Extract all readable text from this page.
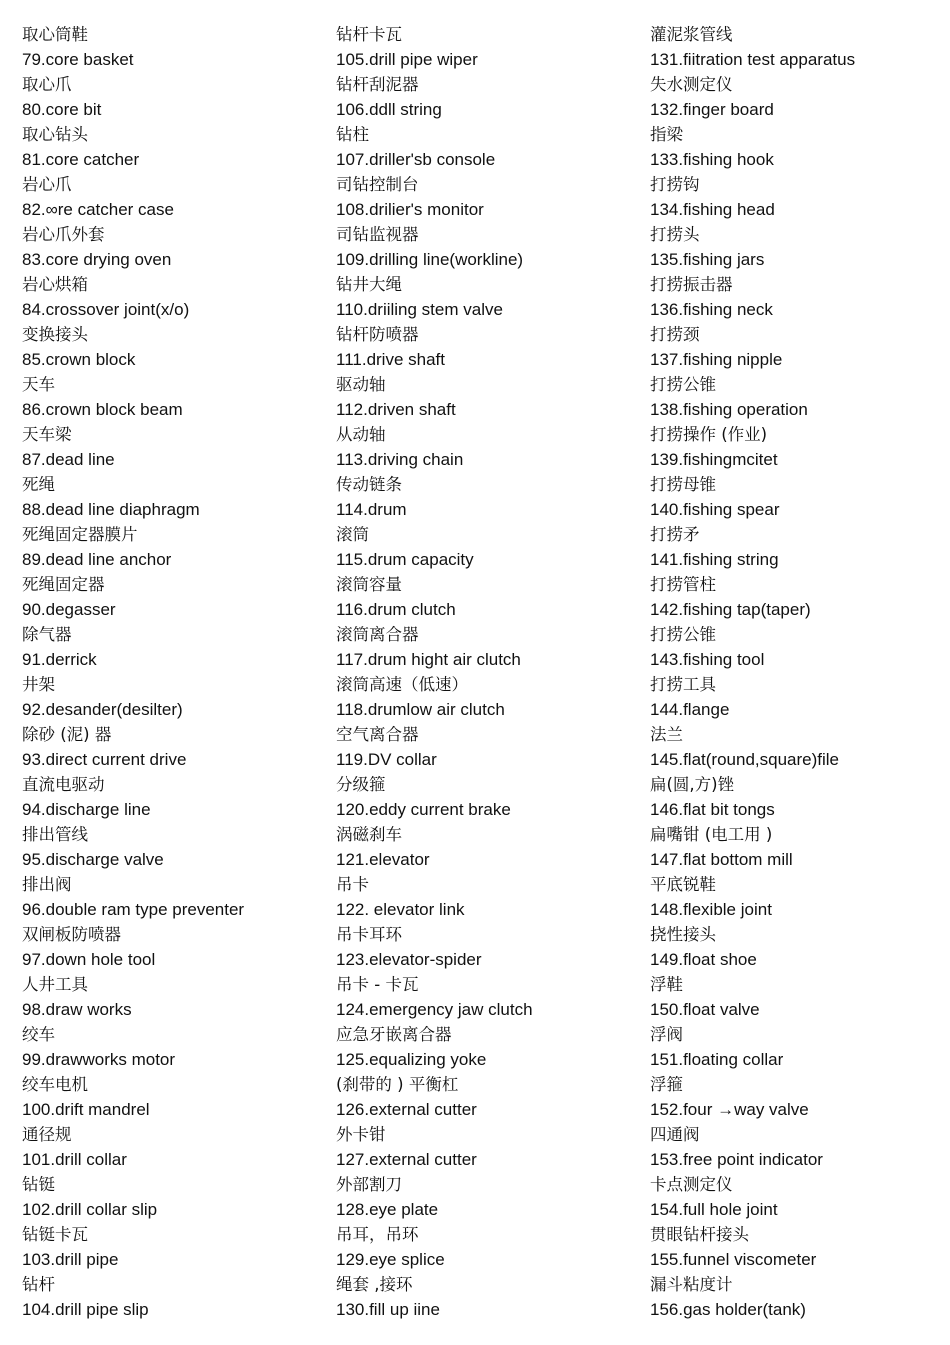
取心筒鞋
79.core basket
取心爪
80.core bit
取心钻头
81.core catcher
岩心爪
82.∞re catcher case
岩心爪外套
83.core drying oven
岩心烘箱
84.crossover joint(x/o)
变换接头
85.crown block
天车
86.crown block beam
天车梁
87.dead line
死绳
88.dead line diaphragm
死绳固定器膜片
89.dead line anchor
死绳固定器
90.degasser
除气器
91.derrick
井架
92.desander(desilter)
除砂 (泥) 器
93.direct current drive
直流电驱动
94.discharge line
排出管线
95.discharge valve
排出阀
96.double ram type preventer
双闸板防喷器
97.down hole tool
人井工具
98.draw works
绞车
99.drawworks motor
绞车电机
100.drift mandrel
通径规
101.drill collar
钻铤
102.drill collar slip
钻铤卡瓦
103.drill pipe
钻杆
104.drill pipe slip
钻杆卡瓦
105.drill pipe wiper
钻杆刮泥器
106.ddll string
钻柱
107.driller'sb console
司钻控制台
108.drilier's monitor
司钻监视器
109.drilling line(workline)
钻井大绳
110.driiling stem valve
钻杆防喷器
111.drive shaft
驱动轴
112.driven shaft
从动轴
113.driving chain
传动链条
114.drum
滚筒
115.drum capacity
滚筒容量
116.drum clutch
滚筒离合器
117.drum hight air clutch
滚筒高速（低速）
118.drumlow air clutch
空气离合器
119.DV collar
分级箍
120.eddy current brake
涡磁刹车
121.elevator
吊卡
122. elevator link
吊卡耳环
123.elevator-spider
吊卡 - 卡瓦
124.emergency jaw clutch
应急牙嵌离合器
125.equalizing yoke
(刹带的 ) 平衡杠
126.external cutter
外卡钳
127.external cutter
外部割刀
128.eye plate
吊耳，吊环
129.eye splice
绳套 ,接环
130.fill up iine
灌泥浆管线
131.fiitration test apparatus
失水测定仪
132.finger board
指梁
133.fishing hook
打捞钩
134.fishing head
打捞头
135.fishing jars
打捞振击器
136.fishing neck
打捞颈
137.fishing nipple
打捞公锥
138.fishing operation
打捞操作 (作业)
139.fishingmcitet
打捞母锥
140.fishing spear
打捞矛
141.fishing string
打捞管柱
142.fishing tap(taper)
打捞公锥
143.fishing tool
打捞工具
144.flange
法兰
145.flat(round,square)file
扁(圆,方)锉
146.flat bit tongs
扁嘴钳 (电工用 )
147.flat bottom mill
平底锐鞋
148.flexible joint
挠性接头
149.float shoe
浮鞋
150.float valve
浮阀
151.floating collar
浮箍
152.four →way valve
四通阀
153.free point indicator
卡点测定仪
154.full hole joint
贯眼钻杆接头
155.funnel viscometer
漏斗粘度计
156.gas holder(tank)
